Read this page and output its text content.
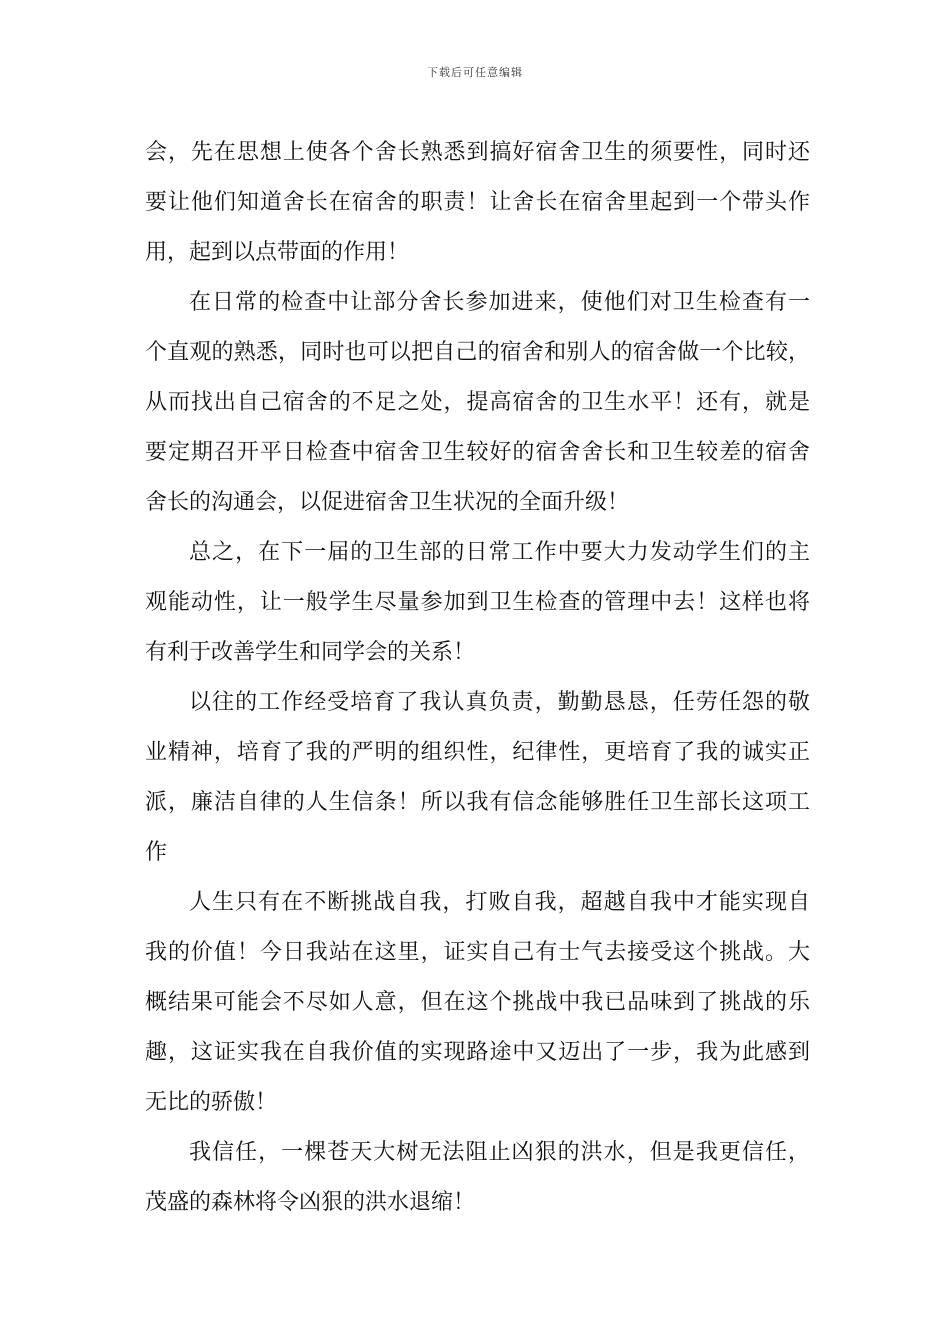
下载后可任意编辑
会，先在思想上使各个舍长熟悉到搞好宿舍卫生的须要性，同时还
要让他们知道舍长在宿舍的职责！让舍长在宿舍里起到一个带头作
用，起到以点带面的作用！
在日常的检查中让部分舍长参加进来，使他们对卫生检查有一
个直观的熟悉，同时也可以把自己的宿舍和别人的宿舍做一个比较，
从而找出自己宿舍的不足之处，提高宿舍的卫生水平！还有，就是
要定期召开平日检查中宿舍卫生较好的宿舍舍长和卫生较差的宿舍
舍长的沟通会，以促进宿舍卫生状况的全面升级！
总之，在下一届的卫生部的日常工作中要大力发动学生们的主
观能动性，让一般学生尽量参加到卫生检查的管理中去！这样也将
有利于改善学生和同学会的关系！
以往的工作经受培育了我认真负责，勤勤恳恳，任劳任怨的敬
业精神，培育了我的严明的组织性，纪律性，更培育了我的诚实正
派，廉洁自律的人生信条！所以我有信念能够胜任卫生部长这项工
作
人生只有在不断挑战自我，打败自我，超越自我中才能实现自
我的价值！今日我站在这里，证实自己有士气去接受这个挑战。大
概结果可能会不尽如人意，但在这个挑战中我已品味到了挑战的乐
趣，这证实我在自我价值的实现路途中又迈出了一步，我为此感到
无比的骄傲！
我信任，一棵苍天大树无法阻止凶狠的洪水，但是我更信任，
茂盛的森林将令凶狠的洪水退缩！
